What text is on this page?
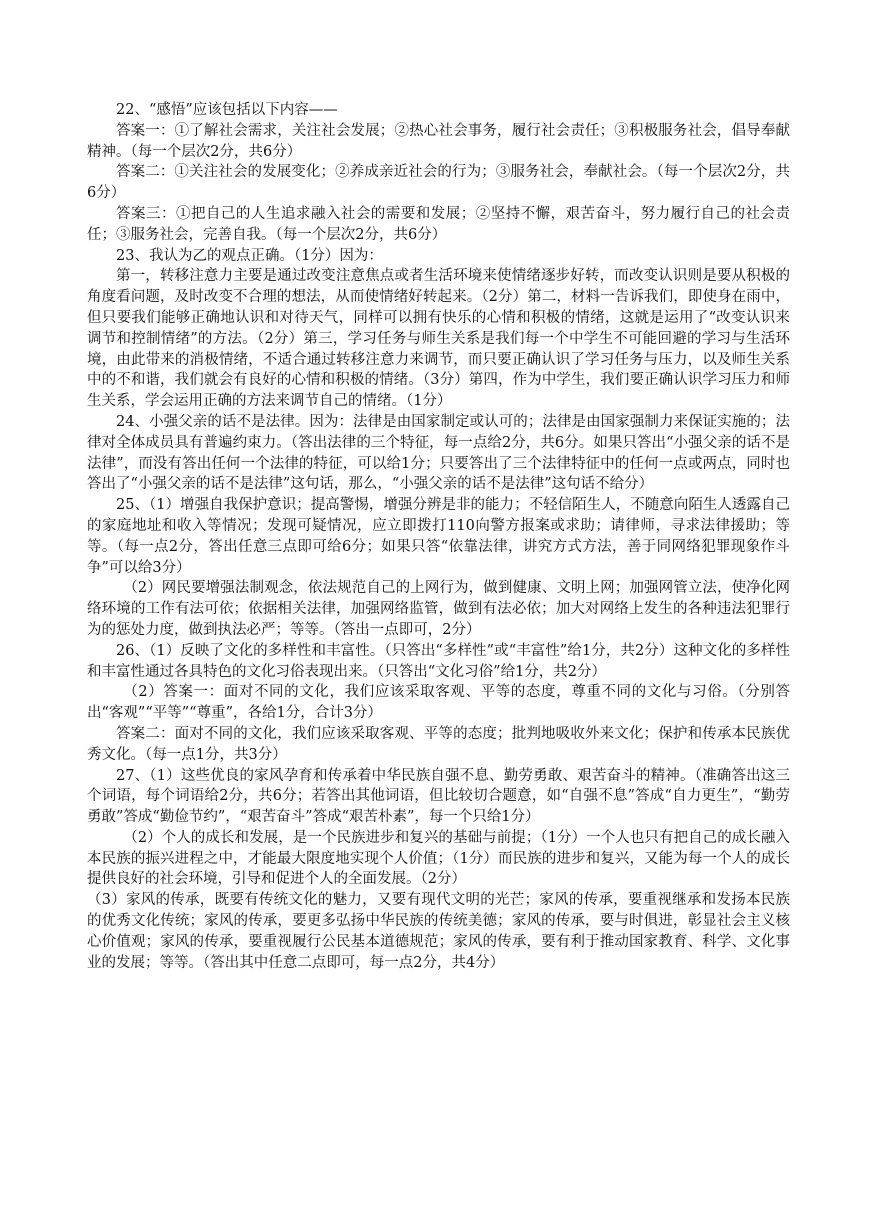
22、“感悟”应该包括以下内容——

答案一：①了解社会需求，关注社会发展；②热心社会事务，履行社会责任；③积极服务社会，倡导奉献精神。（每一个层次2分，共6分）

答案二：①关注社会的发展变化；②养成亲近社会的行为；③服务社会，奉献社会。（每一个层次2分，共6分）

答案三：①把自己的人生追求融入社会的需要和发展；②坚持不懈，艰苦奋斗，努力履行自己的社会责任；③服务社会，完善自我。（每一个层次2分，共6分）

23、我认为乙的观点正确。（1分）因为：

第一，转移注意力主要是通过改变注意焦点或者生活环境来使情绪逐步好转，而改变认识则是要从积极的角度看问题，及时改变不合理的想法，从而使情绪好转起来。（2分）第二，材料一告诉我们，即使身在雨中，但只要我们能够正确地认识和对待天气，同样可以拥有快乐的心情和积极的情绪，这就是运用了“改变认识来调节和控制情绪”的方法。（2分）第三，学习任务与师生关系是我们每一个中学生不可能回避的学习与生活环境，由此带来的消极情绪，不适合通过转移注意力来调节，而只要正确认识了学习任务与压力，以及师生关系中的不和谐，我们就会有良好的心情和积极的情绪。（3分）第四，作为中学生，我们要正确认识学习压力和师生关系，学会运用正确的方法来调节自己的情绪。（1分）

24、小强父亲的话不是法律。因为：法律是由国家制定或认可的；法律是由国家强制力来保证实施的；法律对全体成员具有普遍约束力。（答出法律的三个特征，每一点给2分，共6分。如果只答出“小强父亲的话不是法律”，而没有答出任何一个法律的特征，可以给1分；只要答出了三个法律特征中的任何一点或两点，同时也答出了“小强父亲的话不是法律”这句话，那么，“小强父亲的话不是法律”这句话不给分）

25、（1）增强自我保护意识；提高警惕，增强分辨是非的能力；不轻信陌生人，不随意向陌生人透露自己的家庭地址和收入等情况；发现可疑情况，应立即拨打110向警方报案或求助；请律师，寻求法律援助；等等。（每一点2分，答出任意三点即可给6分；如果只答“依靠法律，讲究方式方法，善于同网络犯罪现象作斗争”可以给3分）

（2）网民要增强法制观念，依法规范自己的上网行为，做到健康、文明上网；加强网管立法，使净化网络环境的工作有法可依；依据相关法律，加强网络监管，做到有法必依；加大对网络上发生的各种违法犯罪行为的惩处力度，做到执法必严；等等。（答出一点即可，2分）

26、（1）反映了文化的多样性和丰富性。（只答出“多样性”或“丰富性”给1分，共2分）这种文化的多样性和丰富性通过各具特色的文化习俗表现出来。（只答出“文化习俗”给1分，共2分）

（2）答案一：面对不同的文化，我们应该采取客观、平等的态度，尊重不同的文化与习俗。（分别答出“客观”“平等”“尊重”，各给1分，合计3分）

答案二：面对不同的文化，我们应该采取客观、平等的态度；批判地吸收外来文化；保护和传承本民族优秀文化。（每一点1分，共3分）

27、（1）这些优良的家风孕育和传承着中华民族自强不息、勤劳勇敢、艰苦奋斗的精神。（准确答出这三个词语，每个词语给2分，共6分；若答出其他词语，但比较切合题意，如“自强不息”答成“自力更生”，“勤劳勇敢”答成“勤俭节约”，“艰苦奋斗”答成“艰苦朴素”，每一个只给1分）

（2）个人的成长和发展，是一个民族进步和复兴的基础与前提；（1分）一个人也只有把自己的成长融入本民族的振兴进程之中，才能最大限度地实现个人价值；（1分）而民族的进步和复兴，又能为每一个人的成长提供良好的社会环境，引导和促进个人的全面发展。（2分）

（3）家风的传承，既要有传统文化的魅力，又要有现代文明的光芒；家风的传承，要重视继承和发扬本民族的优秀文化传统；家风的传承，要更多弘扬中华民族的传统美德；家风的传承，要与时俱进，彰显社会主义核心价值观；家风的传承，要重视履行公民基本道德规范；家风的传承，要有利于推动国家教育、科学、文化事业的发展；等等。（答出其中任意二点即可，每一点2分，共4分）
